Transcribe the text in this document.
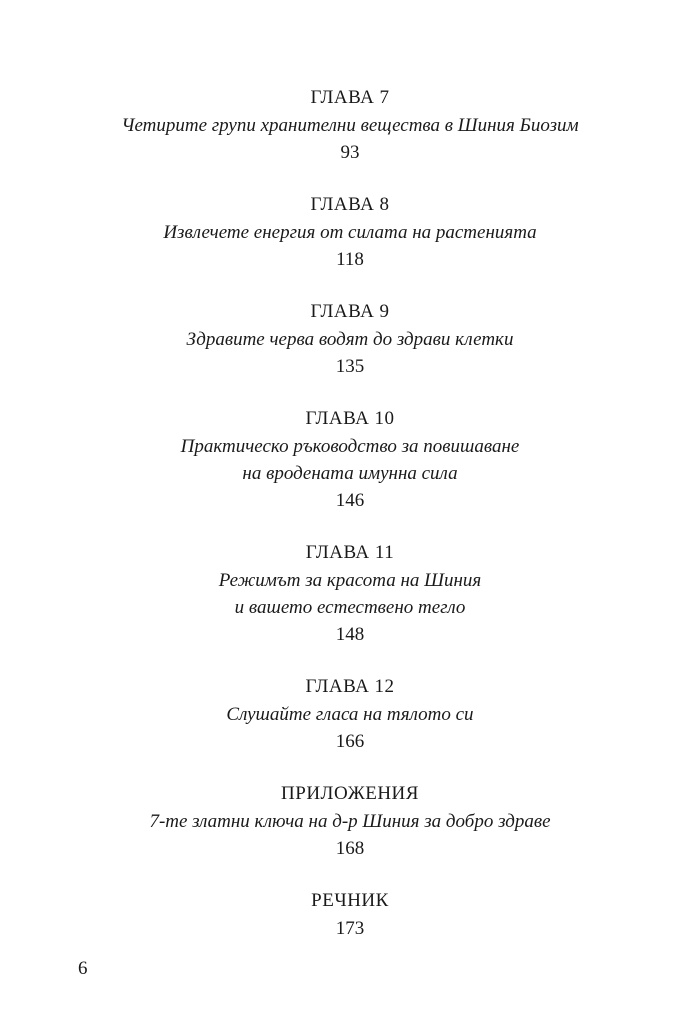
ГЛАВА 7
Четирите групи хранителни вещества в Шиния Биозим
93
ГЛАВА 8
Извлечете енергия от силата на растенията
118
ГЛАВА 9
Здравите черва водят до здрави клетки
135
ГЛАВА 10
Практическо ръководство за повишаване
на вродената имунна сила
146
ГЛАВА 11
Режимът за красота на Шиния
и вашето естествено тегло
148
ГЛАВА 12
Слушайте гласа на тялото си
166
ПРИЛОЖЕНИЯ
7-те златни ключа на д-р Шиния за добро здраве
168
РЕЧНИК
173
6
